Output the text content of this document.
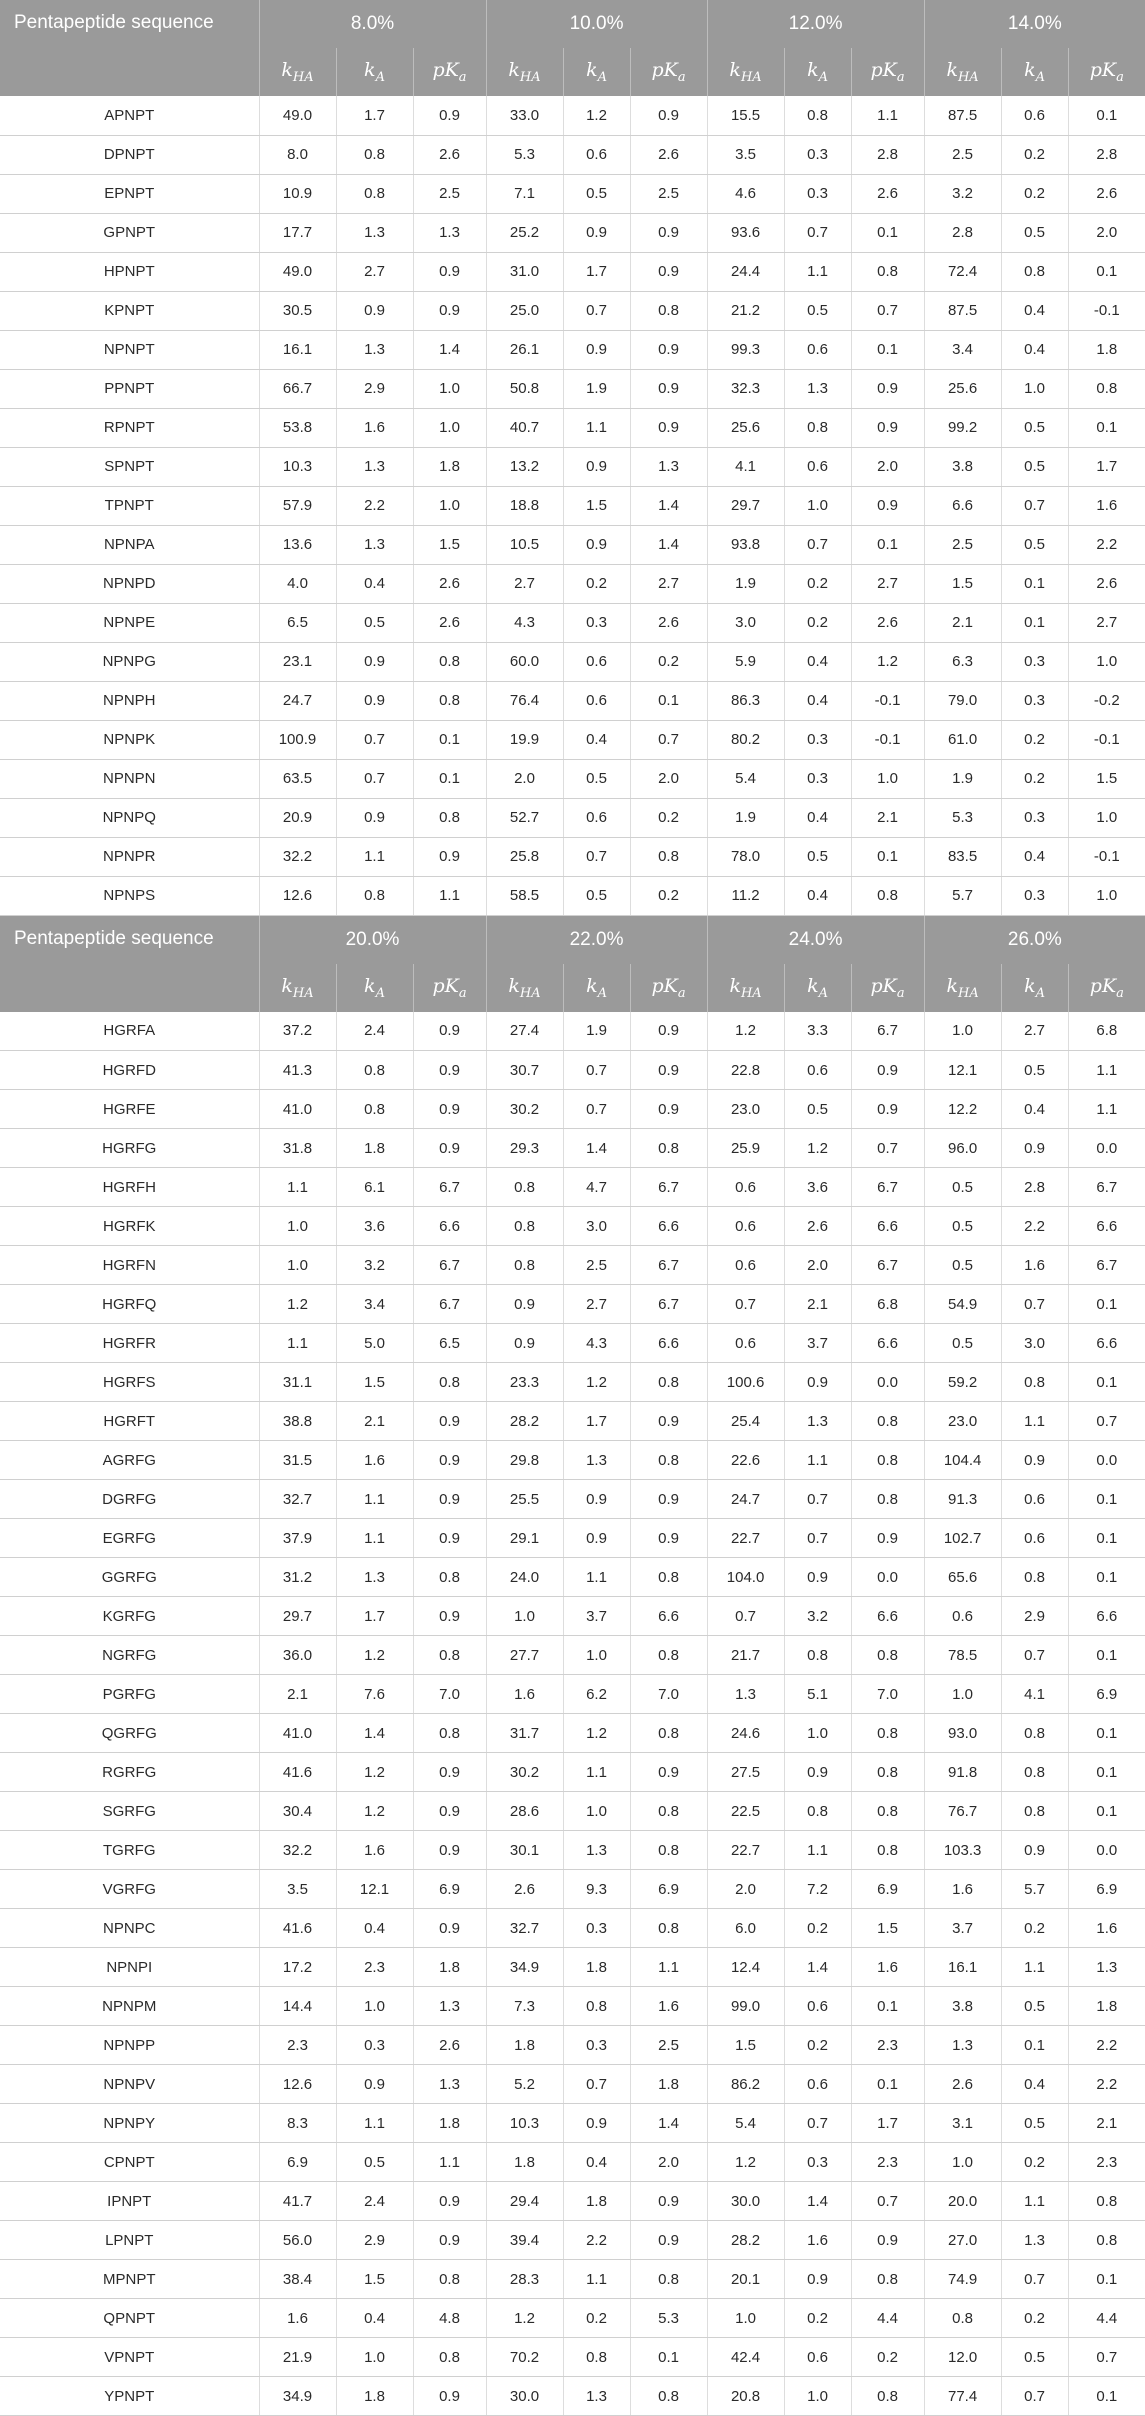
Pentapeptide sequence	8.0%			10.0%			12.0%			14.0%		
	$k_{HA}$	$k_A$	$pK_a$	$k_{HA}$	$k_A$	$pK_a$	$k_{HA}$	$k_A$	$pK_a$	$k_{HA}$	$k_A$	$pK_a$
APNPT	49.0	1.7	0.9	33.0	1.2	0.9	15.5	0.8	1.1	87.5	0.6	0.1
DPNPT	8.0	0.8	2.6	5.3	0.6	2.6	3.5	0.3	2.8	2.5	0.2	2.8
EPNPT	10.9	0.8	2.5	7.1	0.5	2.5	4.6	0.3	2.6	3.2	0.2	2.6
GPNPT	17.7	1.3	1.3	25.2	0.9	0.9	93.6	0.7	0.1	2.8	0.5	2.0
HPNPT	49.0	2.7	0.9	31.0	1.7	0.9	24.4	1.1	0.8	72.4	0.8	0.1
KPNPT	30.5	0.9	0.9	25.0	0.7	0.8	21.2	0.5	0.7	87.5	0.4	-0.1
NPNPT	16.1	1.3	1.4	26.1	0.9	0.9	99.3	0.6	0.1	3.4	0.4	1.8
PPNPT	66.7	2.9	1.0	50.8	1.9	0.9	32.3	1.3	0.9	25.6	1.0	0.8
RPNPT	53.8	1.6	1.0	40.7	1.1	0.9	25.6	0.8	0.9	99.2	0.5	0.1
SPNPT	10.3	1.3	1.8	13.2	0.9	1.3	4.1	0.6	2.0	3.8	0.5	1.7
TPNPT	57.9	2.2	1.0	18.8	1.5	1.4	29.7	1.0	0.9	6.6	0.7	1.6
NPNPA	13.6	1.3	1.5	10.5	0.9	1.4	93.8	0.7	0.1	2.5	0.5	2.2
NPNPD	4.0	0.4	2.6	2.7	0.2	2.7	1.9	0.2	2.7	1.5	0.1	2.6
NPNPE	6.5	0.5	2.6	4.3	0.3	2.6	3.0	0.2	2.6	2.1	0.1	2.7
NPNPG	23.1	0.9	0.8	60.0	0.6	0.2	5.9	0.4	1.2	6.3	0.3	1.0
NPNPH	24.7	0.9	0.8	76.4	0.6	0.1	86.3	0.4	-0.1	79.0	0.3	-0.2
NPNPK	100.9	0.7	0.1	19.9	0.4	0.7	80.2	0.3	-0.1	61.0	0.2	-0.1
NPNPN	63.5	0.7	0.1	2.0	0.5	2.0	5.4	0.3	1.0	1.9	0.2	1.5
NPNPQ	20.9	0.9	0.8	52.7	0.6	0.2	1.9	0.4	2.1	5.3	0.3	1.0
NPNPR	32.2	1.1	0.9	25.8	0.7	0.8	78.0	0.5	0.1	83.5	0.4	-0.1
NPNPS	12.6	0.8	1.1	58.5	0.5	0.2	11.2	0.4	0.8	5.7	0.3	1.0
Pentapeptide sequence	20.0%			22.0%			24.0%			26.0%		
	$k_{HA}$	$k_A$	$pK_a$	$k_{HA}$	$k_A$	$pK_a$	$k_{HA}$	$k_A$	$pK_a$	$k_{HA}$	$k_A$	$pK_a$
HGRFA	37.2	2.4	0.9	27.4	1.9	0.9	1.2	3.3	6.7	1.0	2.7	6.8
HGRFD	41.3	0.8	0.9	30.7	0.7	0.9	22.8	0.6	0.9	12.1	0.5	1.1
HGRFE	41.0	0.8	0.9	30.2	0.7	0.9	23.0	0.5	0.9	12.2	0.4	1.1
HGRFG	31.8	1.8	0.9	29.3	1.4	0.8	25.9	1.2	0.7	96.0	0.9	0.0
HGRFH	1.1	6.1	6.7	0.8	4.7	6.7	0.6	3.6	6.7	0.5	2.8	6.7
HGRFK	1.0	3.6	6.6	0.8	3.0	6.6	0.6	2.6	6.6	0.5	2.2	6.6
HGRFN	1.0	3.2	6.7	0.8	2.5	6.7	0.6	2.0	6.7	0.5	1.6	6.7
HGRFQ	1.2	3.4	6.7	0.9	2.7	6.7	0.7	2.1	6.8	54.9	0.7	0.1
HGRFR	1.1	5.0	6.5	0.9	4.3	6.6	0.6	3.7	6.6	0.5	3.0	6.6
HGRFS	31.1	1.5	0.8	23.3	1.2	0.8	100.6	0.9	0.0	59.2	0.8	0.1
HGRFT	38.8	2.1	0.9	28.2	1.7	0.9	25.4	1.3	0.8	23.0	1.1	0.7
AGRFG	31.5	1.6	0.9	29.8	1.3	0.8	22.6	1.1	0.8	104.4	0.9	0.0
DGRFG	32.7	1.1	0.9	25.5	0.9	0.9	24.7	0.7	0.8	91.3	0.6	0.1
EGRFG	37.9	1.1	0.9	29.1	0.9	0.9	22.7	0.7	0.9	102.7	0.6	0.1
GGRFG	31.2	1.3	0.8	24.0	1.1	0.8	104.0	0.9	0.0	65.6	0.8	0.1
KGRFG	29.7	1.7	0.9	1.0	3.7	6.6	0.7	3.2	6.6	0.6	2.9	6.6
NGRFG	36.0	1.2	0.8	27.7	1.0	0.8	21.7	0.8	0.8	78.5	0.7	0.1
PGRFG	2.1	7.6	7.0	1.6	6.2	7.0	1.3	5.1	7.0	1.0	4.1	6.9
QGRFG	41.0	1.4	0.8	31.7	1.2	0.8	24.6	1.0	0.8	93.0	0.8	0.1
RGRFG	41.6	1.2	0.9	30.2	1.1	0.9	27.5	0.9	0.8	91.8	0.8	0.1
SGRFG	30.4	1.2	0.9	28.6	1.0	0.8	22.5	0.8	0.8	76.7	0.8	0.1
TGRFG	32.2	1.6	0.9	30.1	1.3	0.8	22.7	1.1	0.8	103.3	0.9	0.0
VGRFG	3.5	12.1	6.9	2.6	9.3	6.9	2.0	7.2	6.9	1.6	5.7	6.9
NPNPC	41.6	0.4	0.9	32.7	0.3	0.8	6.0	0.2	1.5	3.7	0.2	1.6
NPNPI	17.2	2.3	1.8	34.9	1.8	1.1	12.4	1.4	1.6	16.1	1.1	1.3
NPNPM	14.4	1.0	1.3	7.3	0.8	1.6	99.0	0.6	0.1	3.8	0.5	1.8
NPNPP	2.3	0.3	2.6	1.8	0.3	2.5	1.5	0.2	2.3	1.3	0.1	2.2
NPNPV	12.6	0.9	1.3	5.2	0.7	1.8	86.2	0.6	0.1	2.6	0.4	2.2
NPNPY	8.3	1.1	1.8	10.3	0.9	1.4	5.4	0.7	1.7	3.1	0.5	2.1
CPNPT	6.9	0.5	1.1	1.8	0.4	2.0	1.2	0.3	2.3	1.0	0.2	2.3
IPNPT	41.7	2.4	0.9	29.4	1.8	0.9	30.0	1.4	0.7	20.0	1.1	0.8
LPNPT	56.0	2.9	0.9	39.4	2.2	0.9	28.2	1.6	0.9	27.0	1.3	0.8
MPNPT	38.4	1.5	0.8	28.3	1.1	0.8	20.1	0.9	0.8	74.9	0.7	0.1
QPNPT	1.6	0.4	4.8	1.2	0.2	5.3	1.0	0.2	4.4	0.8	0.2	4.4
VPNPT	21.9	1.0	0.8	70.2	0.8	0.1	42.4	0.6	0.2	12.0	0.5	0.7
YPNPT	34.9	1.8	0.9	30.0	1.3	0.8	20.8	1.0	0.8	77.4	0.7	0.1
